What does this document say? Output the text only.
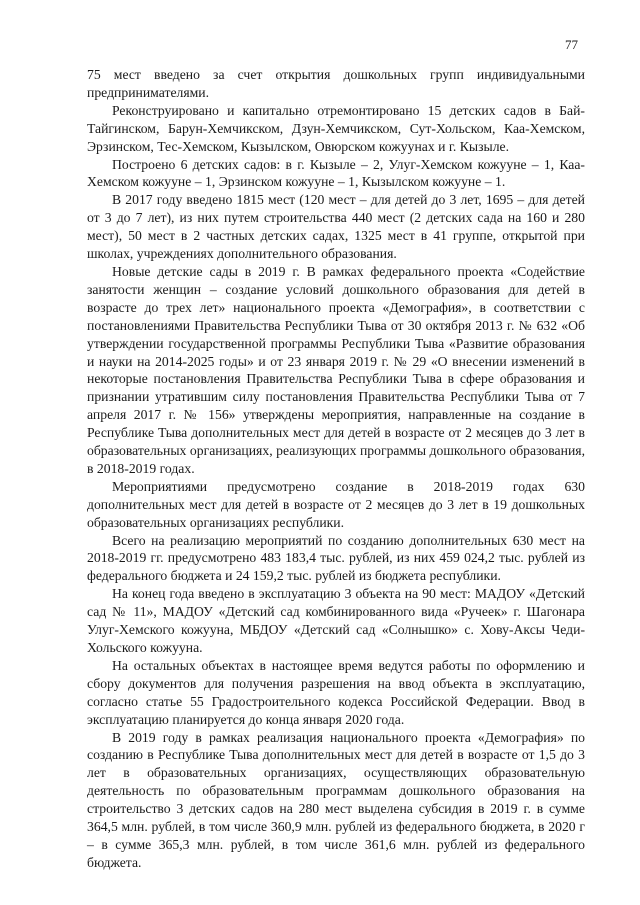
77

75 мест введено за счет открытия дошкольных групп индивидуальными предпринимателями.

Реконструировано и капитально отремонтировано 15 детских садов в Бай-Тайгинском, Барун-Хемчикском, Дзун-Хемчикском, Сут-Хольском, Каа-Хемском, Эрзинском, Тес-Хемском, Кызылском, Овюрском кожуунах и г. Кызыле.

Построено 6 детских садов: в г. Кызыле – 2, Улуг-Хемском кожууне – 1, Каа-Хемском кожууне – 1, Эрзинском кожууне – 1, Кызылском кожууне – 1.

В 2017 году введено 1815 мест (120 мест – для детей до 3 лет, 1695 – для детей от 3 до 7 лет), из них путем строительства 440 мест (2 детских сада на 160 и 280 мест), 50 мест в 2 частных детских садах, 1325 мест в 41 группе, открытой при школах, учреждениях дополнительного образования.

Новые детские сады в 2019 г. В рамках федерального проекта «Содействие занятости женщин – создание условий дошкольного образования для детей в возрасте до трех лет» национального проекта «Демография», в соответствии с постановлениями Правительства Республики Тыва от 30 октября 2013 г. № 632 «Об утверждении государственной программы Республики Тыва «Развитие образования и науки на 2014-2025 годы» и от 23 января 2019 г. № 29 «О внесении изменений в некоторые постановления Правительства Республики Тыва в сфере образования и признании утратившим силу постановления Правительства Республики Тыва от 7 апреля 2017 г. № 156» утверждены мероприятия, направленные на создание в Республике Тыва дополнительных мест для детей в возрасте от 2 месяцев до 3 лет в образовательных организациях, реализующих программы дошкольного образования, в 2018-2019 годах.

Мероприятиями предусмотрено создание в 2018-2019 годах 630 дополнительных мест для детей в возрасте от 2 месяцев до 3 лет в 19 дошкольных образовательных организациях республики.

Всего на реализацию мероприятий по созданию дополнительных 630 мест на 2018-2019 гг. предусмотрено 483 183,4 тыс. рублей, из них 459 024,2 тыс. рублей из федерального бюджета и 24 159,2 тыс. рублей из бюджета республики.

На конец года введено в эксплуатацию 3 объекта на 90 мест: МАДОУ «Детский сад № 11», МАДОУ «Детский сад комбинированного вида «Ручеек» г. Шагонара Улуг-Хемского кожууна, МБДОУ «Детский сад «Солнышко» с. Хову-Аксы Чеди-Хольского кожууна.

На остальных объектах в настоящее время ведутся работы по оформлению и сбору документов для получения разрешения на ввод объекта в эксплуатацию, согласно статье 55 Градостроительного кодекса Российской Федерации. Ввод в эксплуатацию планируется до конца января 2020 года.

В 2019 году в рамках реализация национального проекта «Демография» по созданию в Республике Тыва дополнительных мест для детей в возрасте от 1,5 до 3 лет в образовательных организациях, осуществляющих образовательную деятельность по образовательным программам дошкольного образования на строительство 3 детских садов на 280 мест выделена субсидия в 2019 г. в сумме 364,5 млн. рублей, в том числе 360,9 млн. рублей из федерального бюджета, в 2020 г – в сумме 365,3 млн. рублей, в том числе 361,6 млн. рублей из федерального бюджета.
